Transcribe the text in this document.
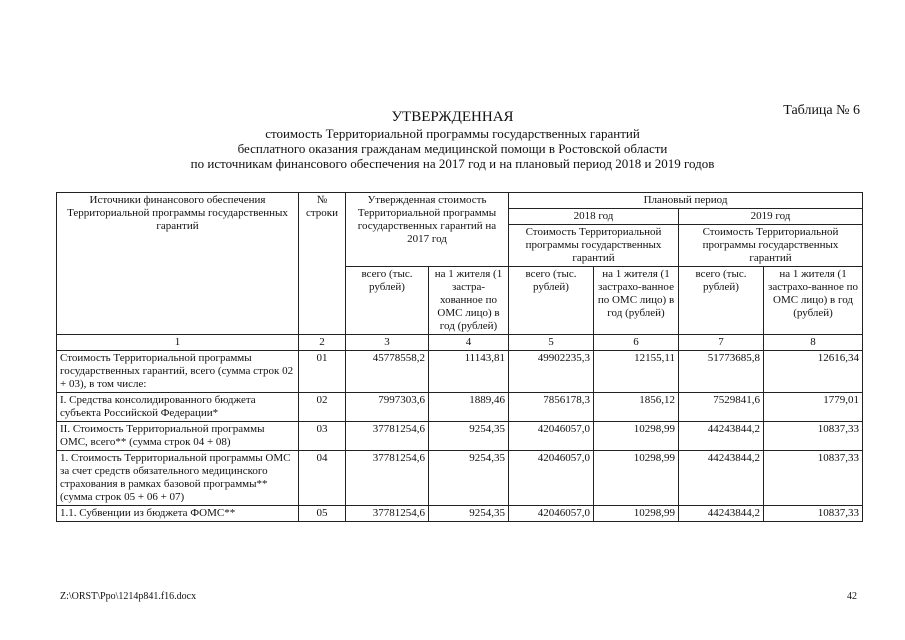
Таблица № 6
УТВЕРЖДЕННАЯ
стоимость Территориальной программы государственных гарантий
бесплатного оказания гражданам медицинской помощи в Ростовской области
по источникам финансового обеспечения на 2017 год и на плановый период 2018 и 2019 годов
Источники финансового обеспечения Территориальной программы государственных гарантий	№ строки	Утвержденная стоимость Территориальной программы государственных гарантий на 2017 год		Плановый период			
				2018 год		2019 год	
				Стоимость Территориальной программы государственных гарантий		Стоимость Территориальной программы государственных гарантий	
		всего (тыс. рублей)	на 1 жителя (1 застра-хованное по ОМС лицо) в год (рублей)	всего (тыс. рублей)	на 1 жителя (1 застрахо-ванное по ОМС лицо) в год (рублей)	всего (тыс. рублей)	на 1 жителя (1 застрахо-ванное по ОМС лицо) в год (рублей)
1	2	3	4	5	6	7	8
Стоимость Территориальной программы государственных гарантий, всего (сумма строк 02 + 03), в том числе:	01	45778558,2	11143,81	49902235,3	12155,11	51773685,8	12616,34
I. Средства консолидированного бюджета субъекта Российской Федерации*	02	7997303,6	1889,46	7856178,3	1856,12	7529841,6	1779,01
II. Стоимость Территориальной программы ОМС, всего** (сумма строк 04 + 08)	03	37781254,6	9254,35	42046057,0	10298,99	44243844,2	10837,33
1. Стоимость Территориальной программы ОМС за счет средств обязательного медицинского страхования в рамках базовой программы** (сумма строк 05 + 06 + 07)	04	37781254,6	9254,35	42046057,0	10298,99	44243844,2	10837,33
1.1. Субвенции из бюджета ФОМС**	05	37781254,6	9254,35	42046057,0	10298,99	44243844,2	10837,33
Z:\ORST\Ppo\1214p841.f16.docx	42
